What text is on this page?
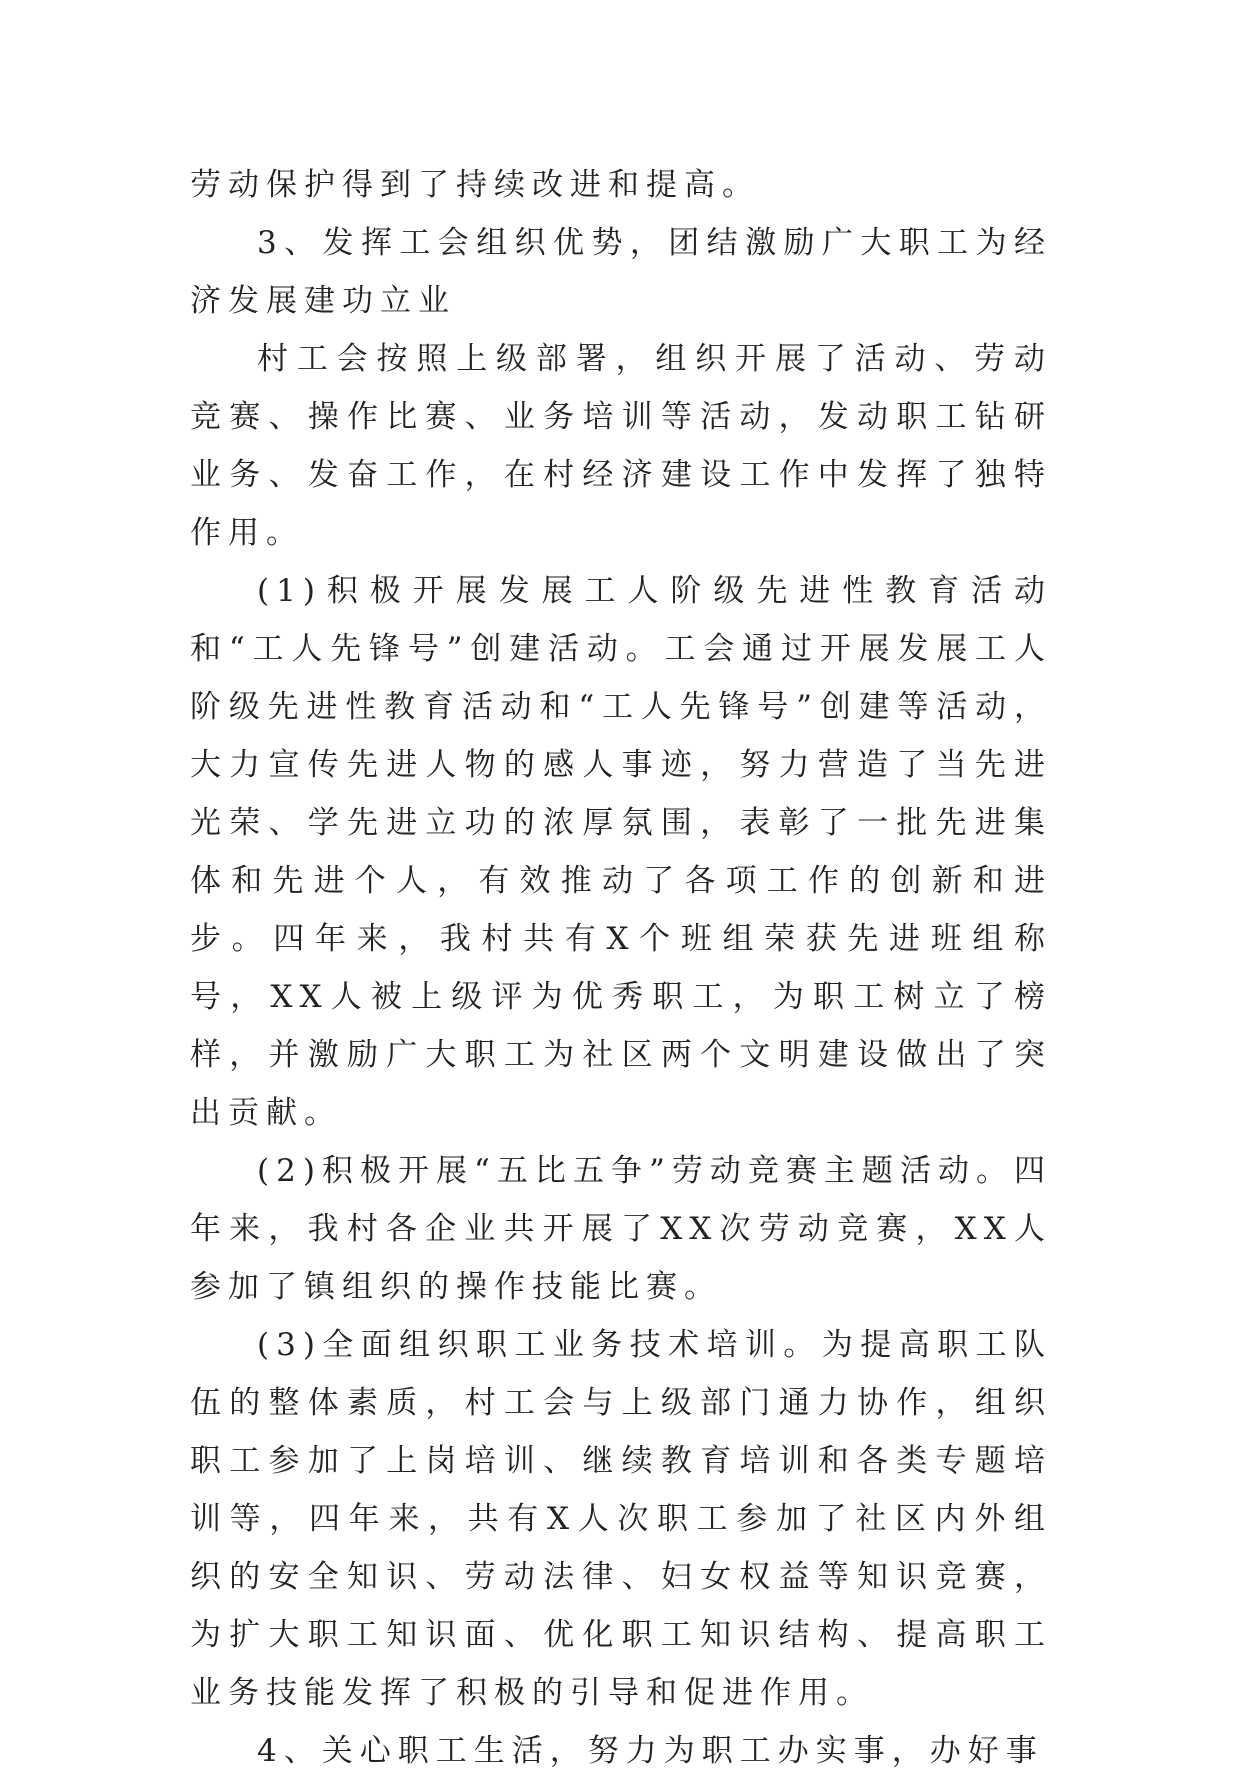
劳动保护得到了持续改进和提高。

3、发挥工会组织优势，团结激励广大职工为经济发展建功立业

村工会按照上级部署，组织开展了活动、劳动竞赛、操作比赛、业务培训等活动，发动职工钻研业务、发奋工作，在村经济建设工作中发挥了独特作用。

(1)积极开展发展工人阶级先进性教育活动和“工人先锋号”创建活动。工会通过开展发展工人阶级先进性教育活动和“工人先锋号”创建等活动，大力宣传先进人物的感人事迹，努力营造了当先进光荣、学先进立功的浓厚氛围，表彰了一批先进集体和先进个人，有效推动了各项工作的创新和进步。四年来，我村共有X个班组荣获先进班组称号，XX人被上级评为优秀职工，为职工树立了榜样，并激励广大职工为社区两个文明建设做出了突出贡献。

(2)积极开展“五比五争”劳动竞赛主题活动。四年来，我村各企业共开展了XX次劳动竞赛，XX人参加了镇组织的操作技能比赛。

(3)全面组织职工业务技术培训。为提高职工队伍的整体素质，村工会与上级部门通力协作，组织职工参加了上岗培训、继续教育培训和各类专题培训等，四年来，共有X人次职工参加了社区内外组织的安全知识、劳动法律、妇女权益等知识竞赛，为扩大职工知识面、优化职工知识结构、提高职工业务技能发挥了积极的引导和促进作用。

4、关心职工生活，努力为职工办实事，办好事
